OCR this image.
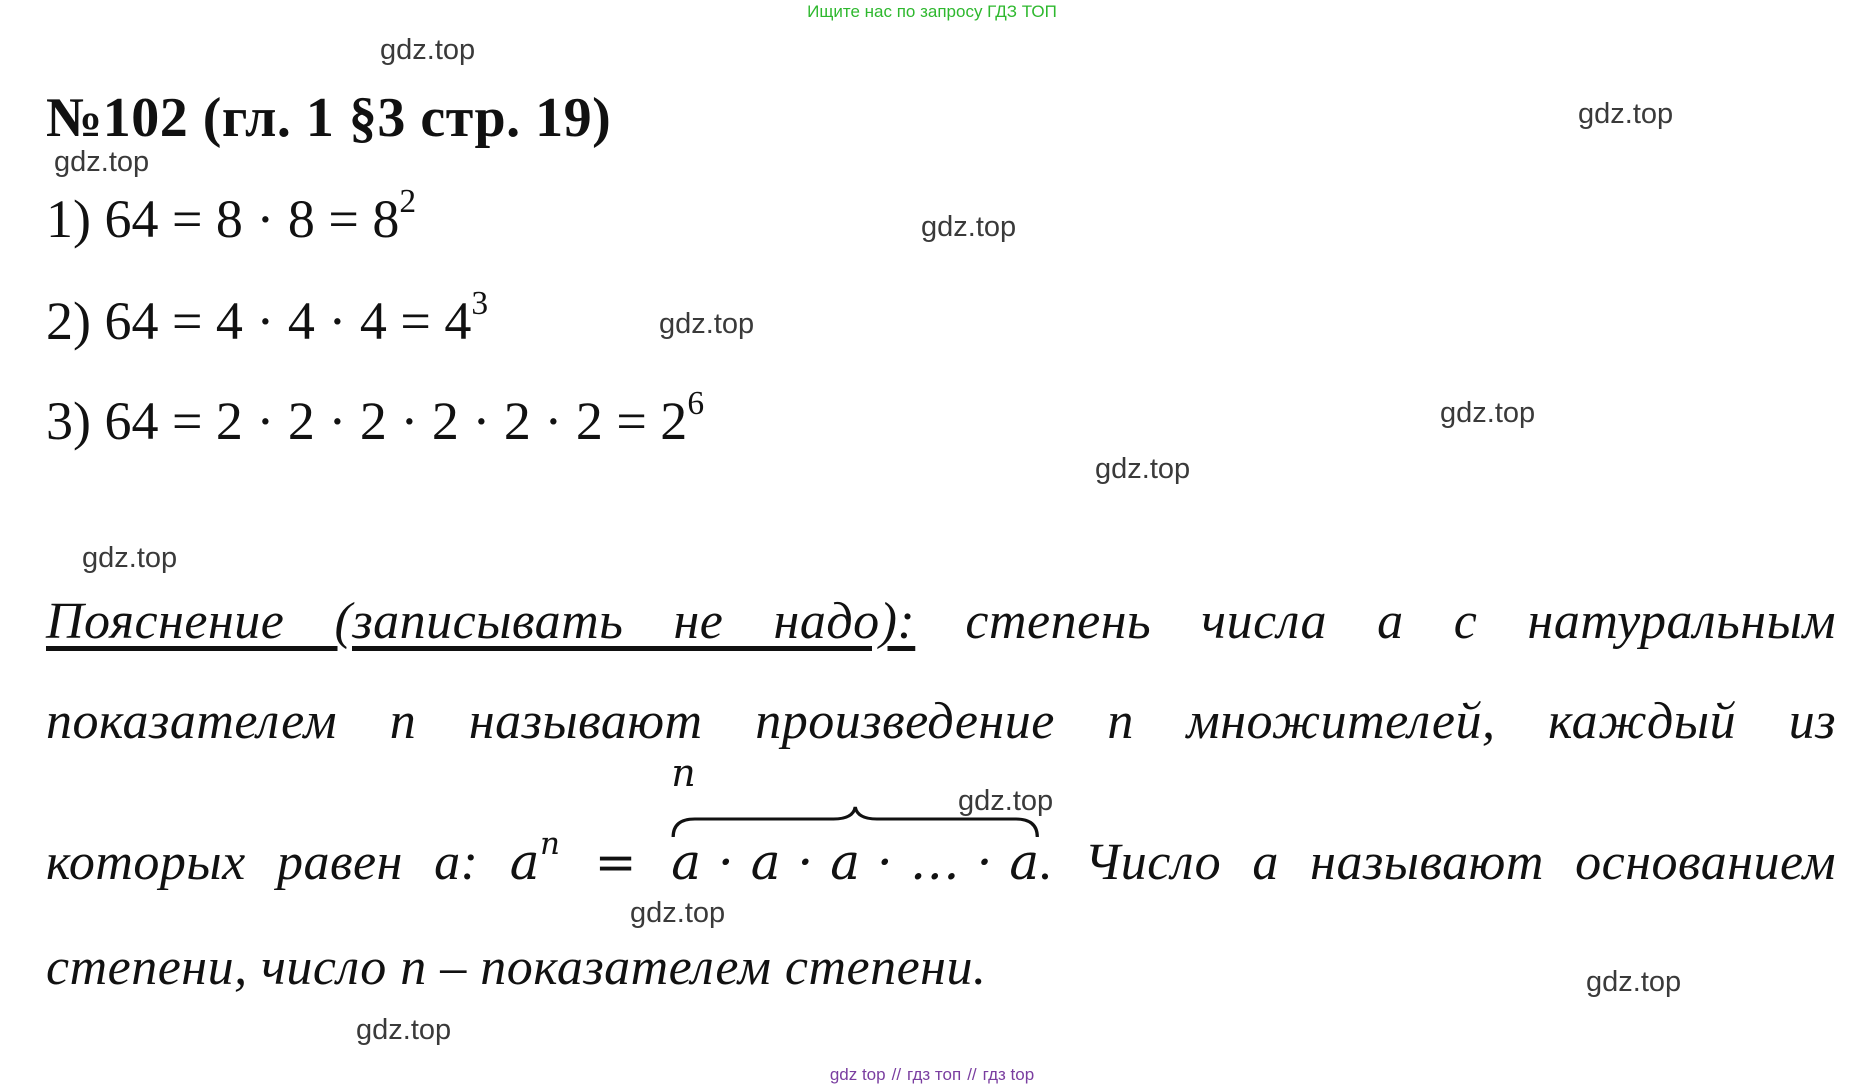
Ищите нас по запросу ГДЗ ТОП
gdz.top
gdz.top
gdz.top
gdz.top
gdz.top
gdz.top
gdz.top
gdz.top
gdz.top
gdz.top
gdz.top
gdz.top
№102 (гл. 1 §3 стр. 19)
1) $64 = 8 \cdot 8 = 8^2$
2) $64 = 4 \cdot 4 \cdot 4 = 4^3$
3) $64 = 2 \cdot 2 \cdot 2 \cdot 2 \cdot 2 \cdot 2 = 2^6$
Пояснение (записывать не надо): степень числа a с натуральным
показателем n называют произведение n множителей, каждый из
которых равен a: $a^n$ =
n
a · a · a · … · a. Число a называют основанием
степени, число n – показателем степени.
gdz top // гдз топ // гдз top
